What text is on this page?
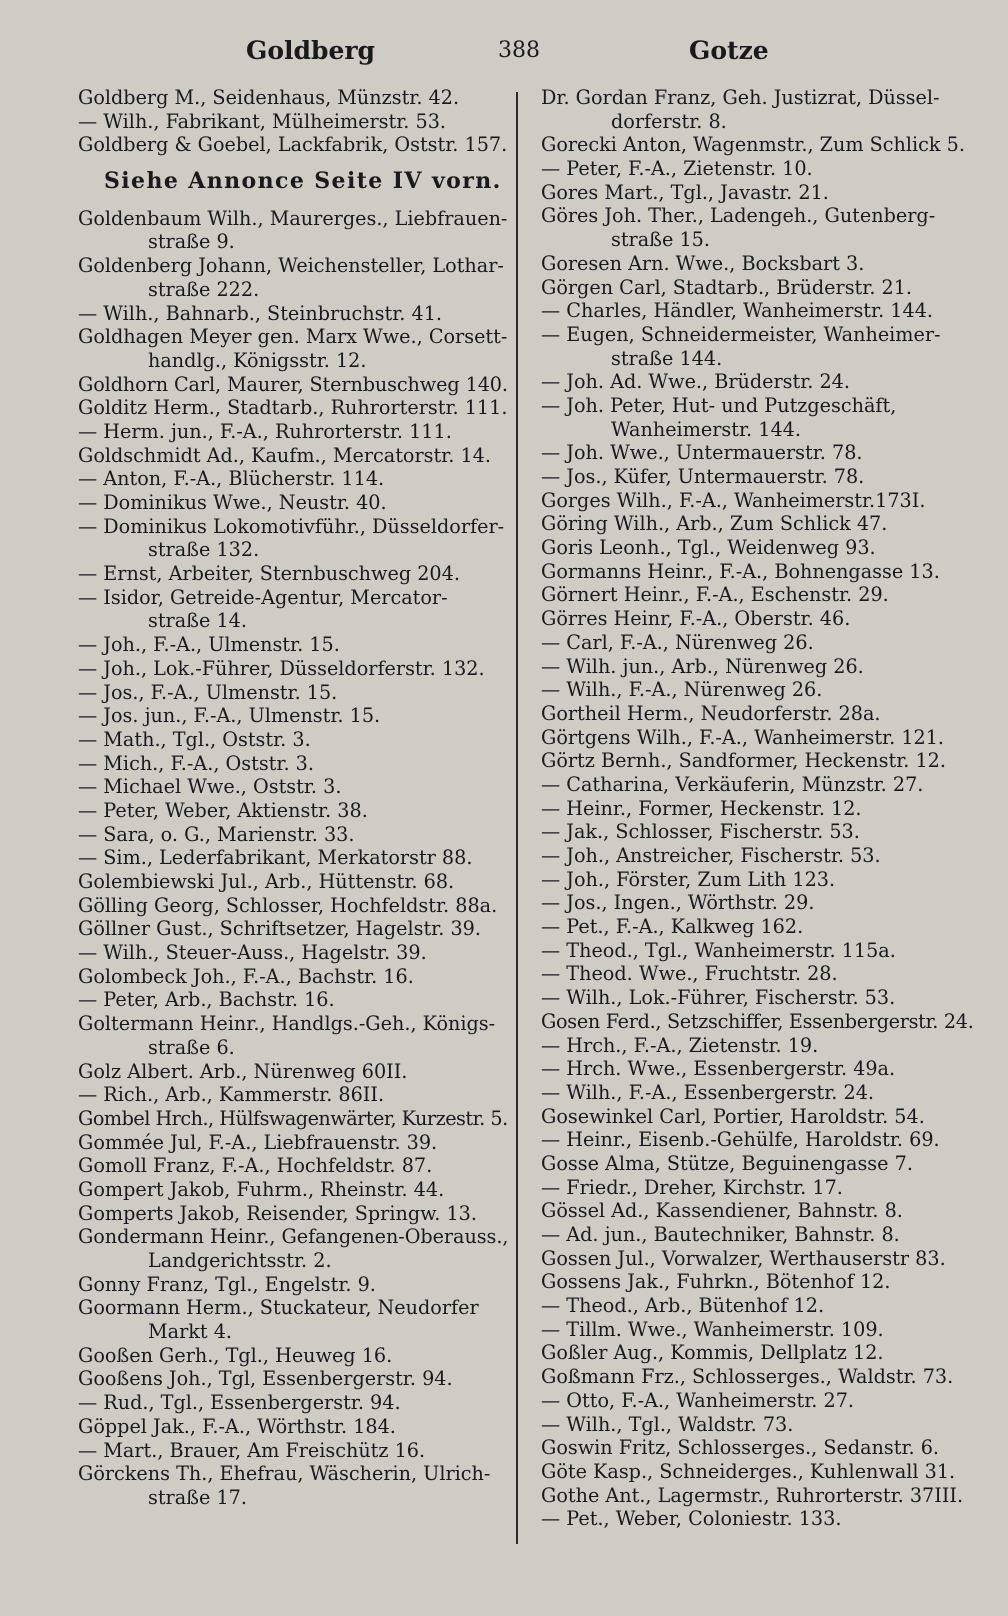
Goldberg	388	Gotze
Goldberg M., Seidenhaus, Münzstr. 42.
— Wilh., Fabrikant, Mülheimerstr. 53.
Goldberg & Goebel, Lackfabrik, Oststr. 157.
Siehe Annonce Seite IV vorn.
Goldenbaum Wilh., Maurerges., Liebfrauen-
straße 9.
Goldenberg Johann, Weichensteller, Lothar-
straße 222.
— Wilh., Bahnarb., Steinbruchstr. 41.
Goldhagen Meyer gen. Marx Wwe., Corsett-
handlg., Königsstr. 12.
Goldhorn Carl, Maurer, Sternbuschweg 140.
Golditz Herm., Stadtarb., Ruhrorterstr. 111.
— Herm. jun., F.-A., Ruhrorterstr. 111.
Goldschmidt Ad., Kaufm., Mercatorstr. 14.
— Anton, F.-A., Blücherstr. 114.
— Dominikus Wwe., Neustr. 40.
— Dominikus Lokomotivführ., Düsseldorfer-
straße 132.
— Ernst, Arbeiter, Sternbuschweg 204.
— Isidor, Getreide-Agentur, Mercator-
straße 14.
— Joh., F.-A., Ulmenstr. 15.
— Joh., Lok.-Führer, Düsseldorferstr. 132.
— Jos., F.-A., Ulmenstr. 15.
— Jos. jun., F.-A., Ulmenstr. 15.
— Math., Tgl., Oststr. 3.
— Mich., F.-A., Oststr. 3.
— Michael Wwe., Oststr. 3.
— Peter, Weber, Aktienstr. 38.
— Sara, o. G., Marienstr. 33.
— Sim., Lederfabrikant, Merkatorstr 88.
Golembiewski Jul., Arb., Hüttenstr. 68.
Gölling Georg, Schlosser, Hochfeldstr. 88a.
Göllner Gust., Schriftsetzer, Hagelstr. 39.
— Wilh., Steuer-Auss., Hagelstr. 39.
Golombeck Joh., F.-A., Bachstr. 16.
— Peter, Arb., Bachstr. 16.
Goltermann Heinr., Handlgs.-Geh., Königs-
straße 6.
Golz Albert. Arb., Nürenweg 60II.
— Rich., Arb., Kammerstr. 86II.
Gombel Hrch., Hülfswagenwärter, Kurzestr. 5.
Gommée Jul, F.-A., Liebfrauenstr. 39.
Gomoll Franz, F.-A., Hochfeldstr. 87.
Gompert Jakob, Fuhrm., Rheinstr. 44.
Gomperts Jakob, Reisender, Springw. 13.
Gondermann Heinr., Gefangenen-Oberauss.,
Landgerichtsstr. 2.
Gonny Franz, Tgl., Engelstr. 9.
Goormann Herm., Stuckateur, Neudorfer
Markt 4.
Gooßen Gerh., Tgl., Heuweg 16.
Gooßens Joh., Tgl, Essenbergerstr. 94.
— Rud., Tgl., Essenbergerstr. 94.
Göppel Jak., F.-A., Wörthstr. 184.
— Mart., Brauer, Am Freischütz 16.
Görckens Th., Ehefrau, Wäscherin, Ulrich-
straße 17.
Dr. Gordan Franz, Geh. Justizrat, Düssel-
dorferstr. 8.
Gorecki Anton, Wagenmstr., Zum Schlick 5.
— Peter, F.-A., Zietenstr. 10.
Gores Mart., Tgl., Javastr. 21.
Göres Joh. Ther., Ladengeh., Gutenberg-
straße 15.
Goresen Arn. Wwe., Bocksbart 3.
Görgen Carl, Stadtarb., Brüderstr. 21.
— Charles, Händler, Wanheimerstr. 144.
— Eugen, Schneidermeister, Wanheimer-
straße 144.
— Joh. Ad. Wwe., Brüderstr. 24.
— Joh. Peter, Hut- und Putzgeschäft,
Wanheimerstr. 144.
— Joh. Wwe., Untermauerstr. 78.
— Jos., Küfer, Untermauerstr. 78.
Gorges Wilh., F.-A., Wanheimerstr.173I.
Göring Wilh., Arb., Zum Schlick 47.
Goris Leonh., Tgl., Weidenweg 93.
Gormanns Heinr., F.-A., Bohnengasse 13.
Görnert Heinr., F.-A., Eschenstr. 29.
Görres Heinr, F.-A., Oberstr. 46.
— Carl, F.-A., Nürenweg 26.
— Wilh. jun., Arb., Nürenweg 26.
— Wilh., F.-A., Nürenweg 26.
Gortheil Herm., Neudorferstr. 28a.
Görtgens Wilh., F.-A., Wanheimerstr. 121.
Görtz Bernh., Sandformer, Heckenstr. 12.
— Catharina, Verkäuferin, Münzstr. 27.
— Heinr., Former, Heckenstr. 12.
— Jak., Schlosser, Fischerstr. 53.
— Joh., Anstreicher, Fischerstr. 53.
— Joh., Förster, Zum Lith 123.
— Jos., Ingen., Wörthstr. 29.
— Pet., F.-A., Kalkweg 162.
— Theod., Tgl., Wanheimerstr. 115a.
— Theod. Wwe., Fruchtstr. 28.
— Wilh., Lok.-Führer, Fischerstr. 53.
Gosen Ferd., Setzschiffer, Essenbergerstr. 24.
— Hrch., F.-A., Zietenstr. 19.
— Hrch. Wwe., Essenbergerstr. 49a.
— Wilh., F.-A., Essenbergerstr. 24.
Gosewinkel Carl, Portier, Haroldstr. 54.
— Heinr., Eisenb.-Gehülfe, Haroldstr. 69.
Gosse Alma, Stütze, Beguinengasse 7.
— Friedr., Dreher, Kirchstr. 17.
Gössel Ad., Kassendiener, Bahnstr. 8.
— Ad. jun., Bautechniker, Bahnstr. 8.
Gossen Jul., Vorwalzer, Werthauserstr 83.
Gossens Jak., Fuhrkn., Bötenhof 12.
— Theod., Arb., Bütenhof 12.
— Tillm. Wwe., Wanheimerstr. 109.
Goßler Aug., Kommis, Dellplatz 12.
Goßmann Frz., Schlosserges., Waldstr. 73.
— Otto, F.-A., Wanheimerstr. 27.
— Wilh., Tgl., Waldstr. 73.
Goswin Fritz, Schlosserges., Sedanstr. 6.
Göte Kasp., Schneiderges., Kuhlenwall 31.
Gothe Ant., Lagermstr., Ruhrorterstr. 37III.
— Pet., Weber, Coloniestr. 133.
